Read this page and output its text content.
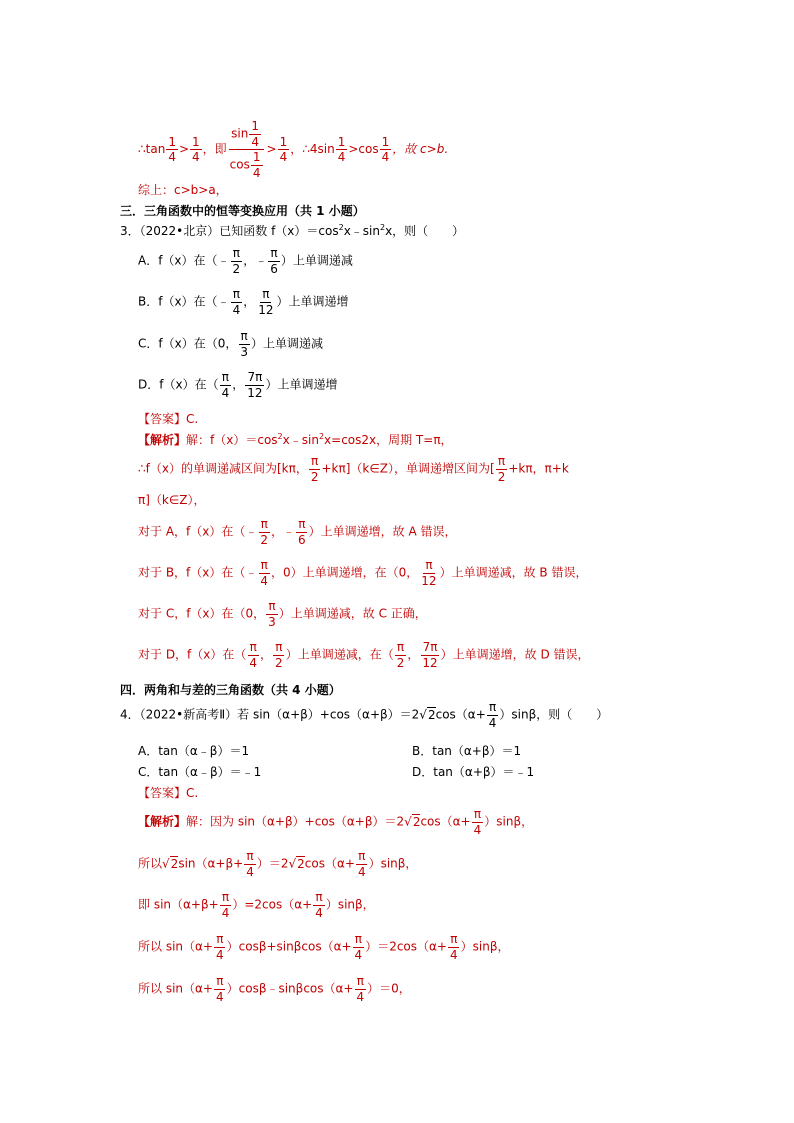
∴tan $\frac{1}{4} > \frac{1}{4}$ ，即 $\frac{\sin \frac{1}{4}}{\cos \frac{1}{4}} > \frac{1}{4}$ ，∴4sin $\frac{1}{4} >\cos \frac{1}{4}$ ，故 c>b.
综上：c>b>a，
三．三角函数中的恒等变换应用（共 1 小题）
3．（2022•北京）已知函数 $f(x)=\cos^2x﹣\sin^2x$，则（　　）
A．f（x）在（﹣ $\frac{\pi}{2}$ ，﹣ $\frac{\pi}{6}$ ）上单调递减
B．f（x）在（﹣ $\frac{\pi}{4}$ ， $\frac{\pi}{12}$ ）上单调递增
C．f（x）在（0， $\frac{\pi}{3}$ ）上单调递减
D．f（x）在（ $\frac{\pi}{4}$ ， $\frac{7\pi}{12}$ ）上单调递增
【答案】C.
【解析】解：$f(x)=\cos^2x﹣\sin^2x=\cos 2x$，周期 T=π，
∴f（x）的单调递减区间为[kπ， $\frac{\pi}{2}$ +kπ]（k∈Z），单调递增区间为[ $\frac{\pi}{2} +k\pi$，π+k
π]（k∈Z），
对于 A，f（x）在（﹣ $\frac{\pi}{2}$ ，﹣ $\frac{\pi}{6}$ ）上单调递增，故 A 错误，
对于 B，f（x）在（﹣ $\frac{\pi}{4}$ ，0）上单调递增，在（0， $\frac{\pi}{12}$ ）上单调递减，故 B 错误，
对于 C，f（x）在（0， $\frac{\pi}{3}$ ）上单调递减，故 C 正确，
对于 D，f（x）在（ $\frac{\pi}{4}$ ， $\frac{\pi}{2}$ ）上单调递减，在（ $\frac{\pi}{2}$ ， $\frac{7\pi}{12}$ ）上单调递增，故 D 错误，
四．两角和与差的三角函数（共 4 小题）
4．（2022•新高考Ⅱ）若 $\sin(\alpha+\beta)+\cos(\alpha+\beta)=2√2\cos(\alpha+ \frac{\pi}{4} )\sin\beta$，则（　　）
A．tan（α﹣β）＝1	B．tan（α+β）＝1
C．tan（α﹣β）＝﹣1	D．tan（α+β）＝﹣1
【答案】C.
【解析】解：因为 $\sin(\alpha+\beta)+\cos(\alpha+\beta)=2√2\cos(\alpha+ \frac{\pi}{4} )\sin\beta$，
所以$√2\sin(\alpha+\beta+ \frac{\pi}{4} )=2√2\cos(\alpha+ \frac{\pi}{4} )\sin\beta$，
即 $\sin(\alpha+\beta+ \frac{\pi}{4} )=2\cos(\alpha+ \frac{\pi}{4} )\sin\beta$，
所以 $\sin(\alpha+ \frac{\pi}{4} )\cos\beta+\sin\beta\cos(\alpha+ \frac{\pi}{4} )=2\cos(\alpha+ \frac{\pi}{4} )\sin\beta$，
所以 $\sin(\alpha+ \frac{\pi}{4}$ ）cosβ﹣sinβcos（α+ $\frac{\pi}{4} )=0$，
